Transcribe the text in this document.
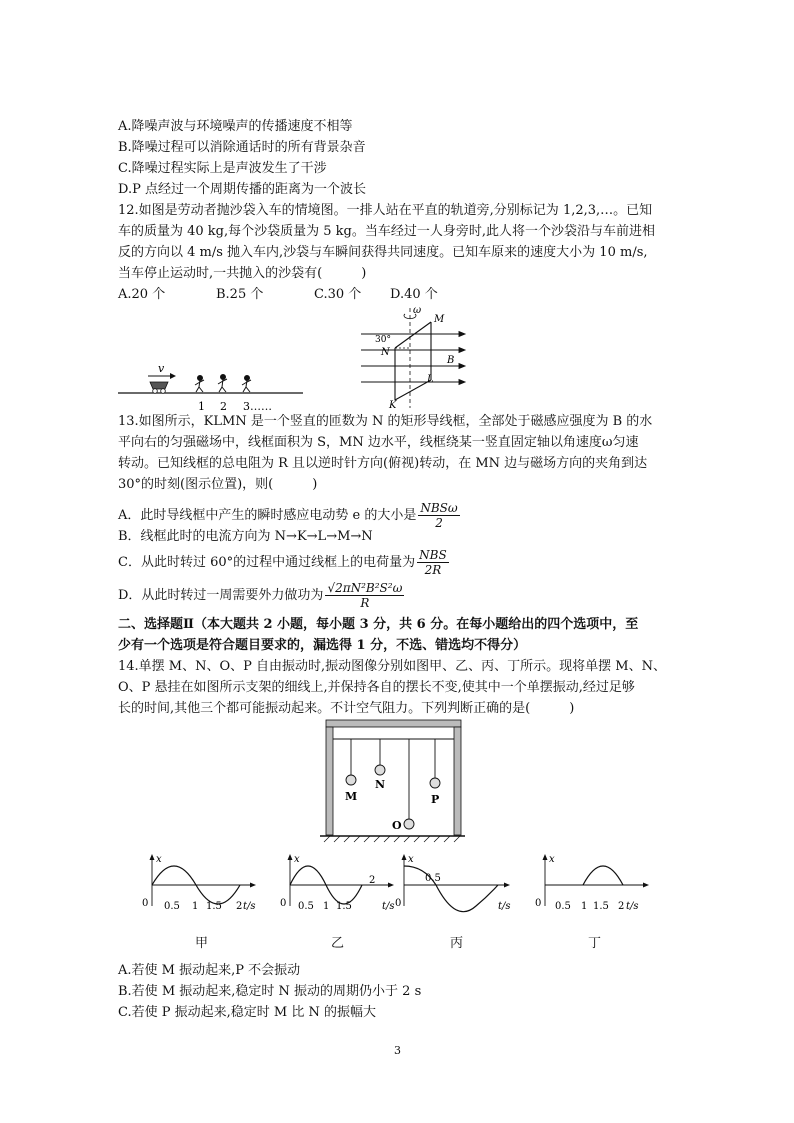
A.降噪声波与环境噪声的传播速度不相等
B.降噪过程可以消除通话时的所有背景杂音
C.降噪过程实际上是声波发生了干涉
D.P 点经过一个周期传播的距离为一个波长
12.如图是劳动者抛沙袋入车的情境图。一排人站在平直的轨道旁,分别标记为 1,2,3,…。已知
车的质量为 40 kg,每个沙袋质量为 5 kg。当车经过一人身旁时,此人将一个沙袋沿与车前进相
反的方向以 4 m/s 抛入车内,沙袋与车瞬间获得共同速度。已知车原来的速度大小为 10 m/s,
当车停止运动时,一共抛入的沙袋有(　　　)
A.20 个	B.25 个	C.30 个 D.40 个
v
1 2 3……
ω
30°
M
N
B
L
K
13.如图所示，KLMN 是一个竖直的匝数为 N 的矩形导线框，全部处于磁感应强度为 B 的水
平向右的匀强磁场中，线框面积为 S，MN 边水平，线框绕某一竖直固定轴以角速度ω匀速
转动。已知线框的总电阻为 R 且以逆时针方向(俯视)转动，在 MN 边与磁场方向的夹角到达
30°的时刻(图示位置)，则(　　　)
A．此时导线框中产生的瞬时感应电动势 e 的大小是 $\frac{\text{NBSω}}{2}$
B．线框此时的电流方向为 N→K→L→M→N
C．从此时转过 60°的过程中通过线框上的电荷量为 $\frac{\text{NBS}}{2R}$
D．从此时转过一周需要外力做功为 $\frac{\text{√2πN²B²S²ω}}{R}$
二、选择题Ⅱ（本大题共 2 小题，每小题 3 分，共 6 分。在每小题给出的四个选项中，至
少有一个选项是符合题目要求的，漏选得 1 分，不选、错选均不得分）
14.单摆 M、N、O、P 自由振动时,振动图像分别如图甲、乙、丙、丁所示。现将单摆 M、N、
O、P 悬挂在如图所示支架的细线上,并保持各自的摆长不变,使其中一个单摆振动,经过足够
长的时间,其他三个都可能振动起来。不计空气阻力。下列判断正确的是(　　　)
M
N
P
O
x
0 0.5 1 1.5 2 t/s
甲
x
0 0.5 1 1.5
2
t/s
乙
x
0
0.5
t/s
丙
x
0 0.5 1 1.5 2 t/s
丁
A.若使 M 振动起来,P 不会振动
B.若使 M 振动起来,稳定时 N 振动的周期仍小于 2 s
C.若使 P 振动起来,稳定时 M 比 N 的振幅大
3
